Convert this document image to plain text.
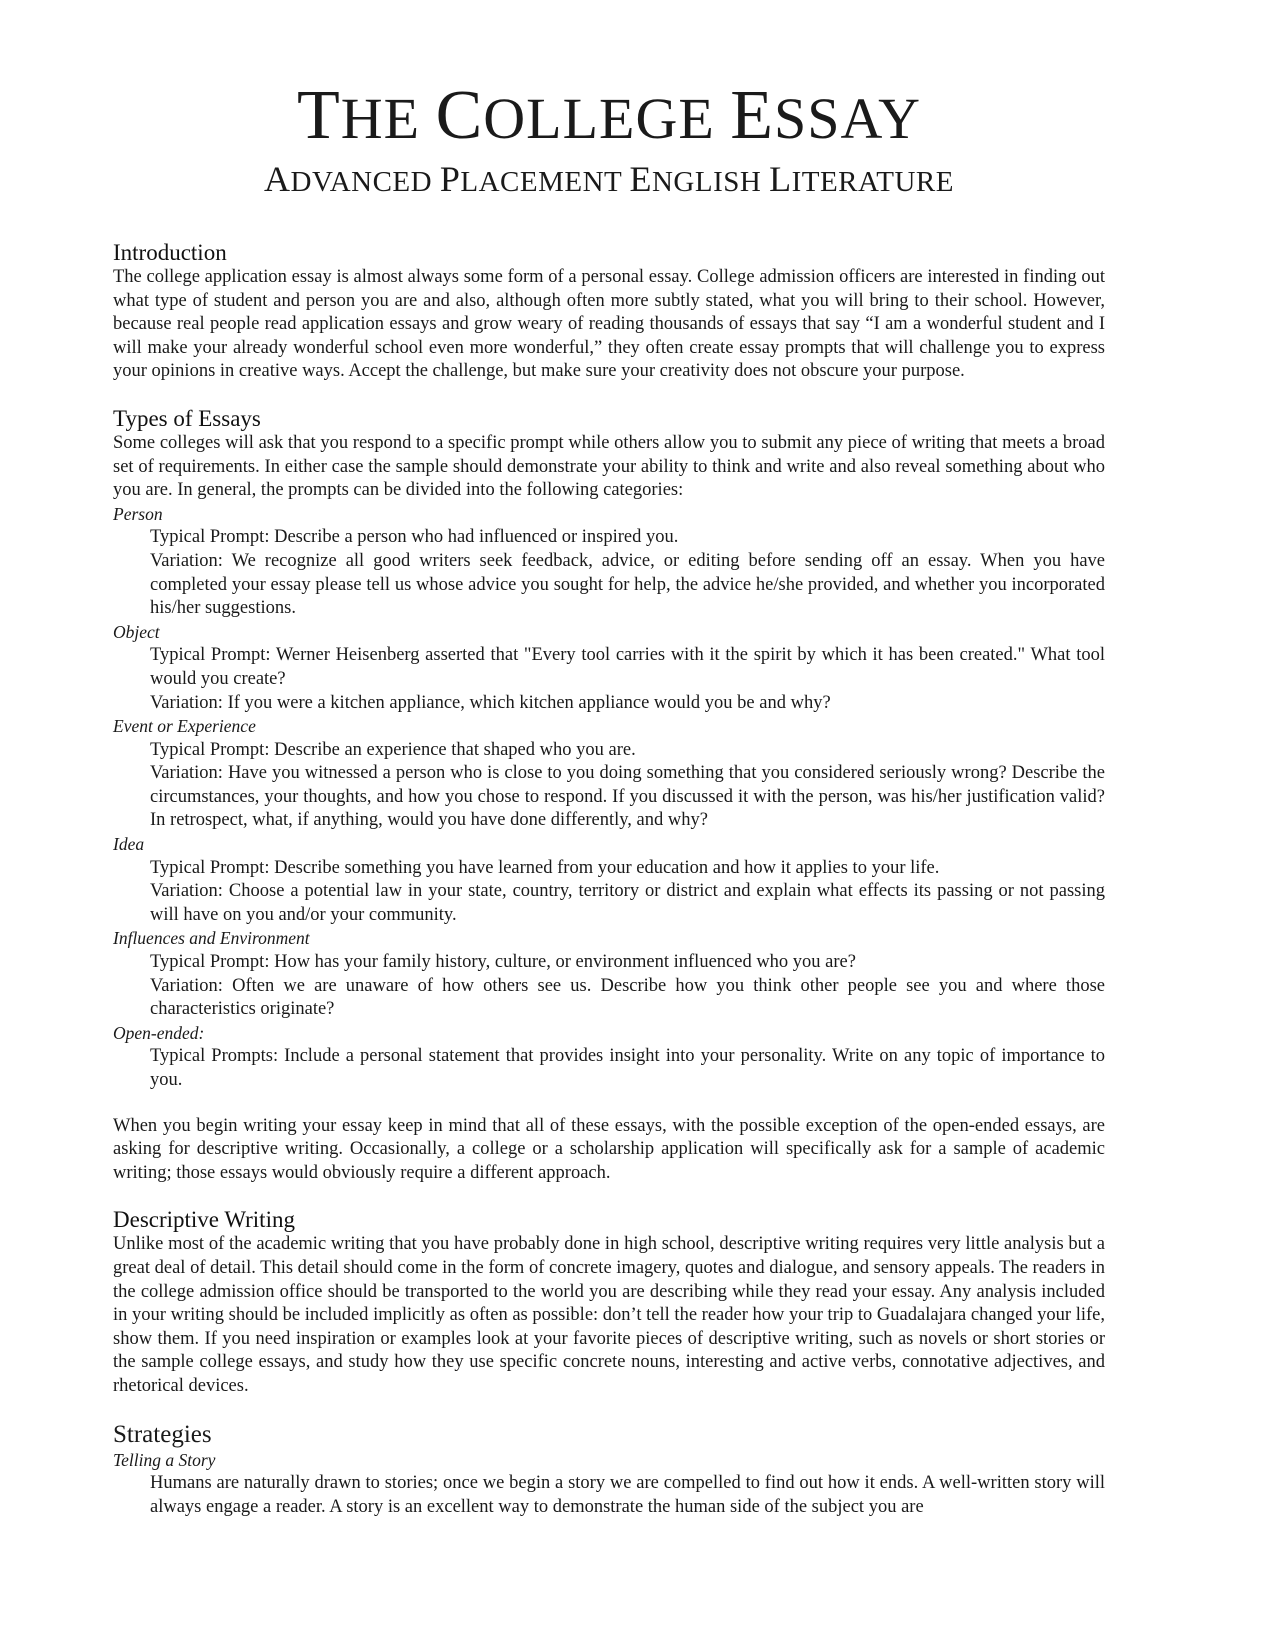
THE COLLEGE ESSAY
ADVANCED PLACEMENT ENGLISH LITERATURE
Introduction

The college application essay is almost always some form of a personal essay. College admission officers are interested in finding out what type of student and person you are and also, although often more subtly stated, what you will bring to their school. However, because real people read application essays and grow weary of reading thousands of essays that say “I am a wonderful student and I will make your already wonderful school even more wonderful,” they often create essay prompts that will challenge you to express your opinions in creative ways. Accept the challenge, but make sure your creativity does not obscure your purpose.

Types of Essays

Some colleges will ask that you respond to a specific prompt while others allow you to submit any piece of writing that meets a broad set of requirements. In either case the sample should demonstrate your ability to think and write and also reveal something about who you are. In general, the prompts can be divided into the following categories:

Person

Typical Prompt: Describe a person who had influenced or inspired you.

Variation: We recognize all good writers seek feedback, advice, or editing before sending off an essay. When you have completed your essay please tell us whose advice you sought for help, the advice he/she provided, and whether you incorporated his/her suggestions.

Object

Typical Prompt: Werner Heisenberg asserted that "Every tool carries with it the spirit by which it has been created." What tool would you create?

Variation: If you were a kitchen appliance, which kitchen appliance would you be and why?

Event or Experience

Typical Prompt: Describe an experience that shaped who you are.

Variation: Have you witnessed a person who is close to you doing something that you considered seriously wrong? Describe the circumstances, your thoughts, and how you chose to respond. If you discussed it with the person, was his/her justification valid? In retrospect, what, if anything, would you have done differently, and why?

Idea

Typical Prompt: Describe something you have learned from your education and how it applies to your life.

Variation: Choose a potential law in your state, country, territory or district and explain what effects its passing or not passing will have on you and/or your community.

Influences and Environment

Typical Prompt: How has your family history, culture, or environment influenced who you are?

Variation: Often we are unaware of how others see us. Describe how you think other people see you and where those characteristics originate?

Open-ended:

Typical Prompts: Include a personal statement that provides insight into your personality. Write on any topic of importance to you.

When you begin writing your essay keep in mind that all of these essays, with the possible exception of the open-ended essays, are asking for descriptive writing. Occasionally, a college or a scholarship application will specifically ask for a sample of academic writing; those essays would obviously require a different approach.

Descriptive Writing

Unlike most of the academic writing that you have probably done in high school, descriptive writing requires very little analysis but a great deal of detail. This detail should come in the form of concrete imagery, quotes and dialogue, and sensory appeals. The readers in the college admission office should be transported to the world you are describing while they read your essay. Any analysis included in your writing should be included implicitly as often as possible: don’t tell the reader how your trip to Guadalajara changed your life, show them. If you need inspiration or examples look at your favorite pieces of descriptive writing, such as novels or short stories or the sample college essays, and study how they use specific concrete nouns, interesting and active verbs, connotative adjectives, and rhetorical devices.

Strategies

Telling a Story

Humans are naturally drawn to stories; once we begin a story we are compelled to find out how it ends. A well-written story will always engage a reader. A story is an excellent way to demonstrate the human side of the subject you are
